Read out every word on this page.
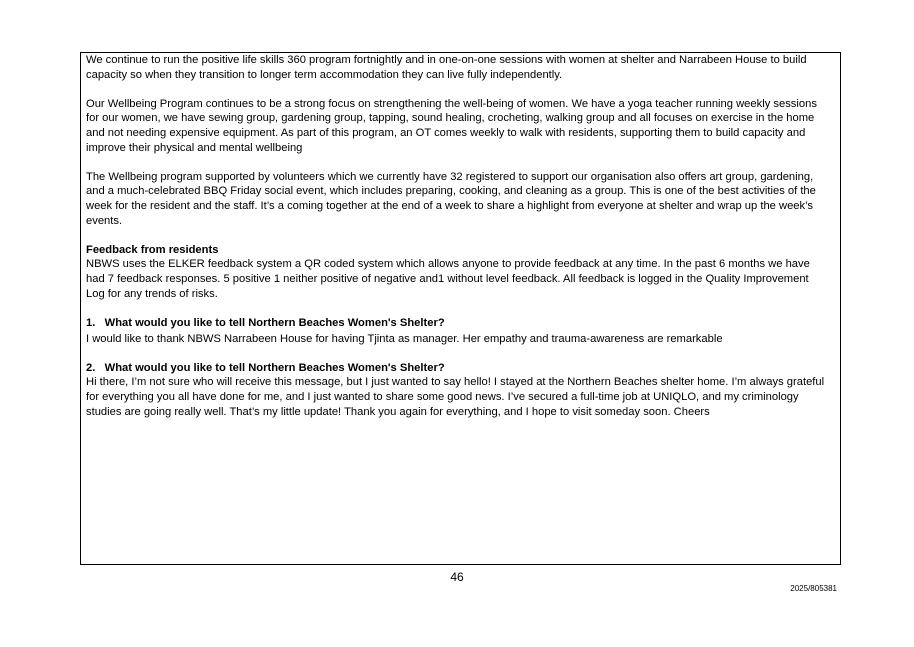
We continue to run the positive life skills 360 program fortnightly and in one-on-one sessions with women at shelter and Narrabeen House to build capacity so when they transition to longer term accommodation they can live fully independently.

Our Wellbeing Program continues to be a strong focus on strengthening the well-being of women. We have a yoga teacher running weekly sessions for our women, we have sewing group, gardening group, tapping, sound healing, crocheting, walking group and all focuses on exercise in the home and not needing expensive equipment. As part of this program, an OT comes weekly to walk with residents, supporting them to build capacity and improve their physical and mental wellbeing

The Wellbeing program supported by volunteers which we currently have 32 registered to support our organisation also offers art group, gardening, and a much-celebrated BBQ Friday social event, which includes preparing, cooking, and cleaning as a group. This is one of the best activities of the week for the resident and the staff. It’s a coming together at the end of a week to share a highlight from everyone at shelter and wrap up the week’s events.

Feedback from residents

NBWS uses the ELKER feedback system a QR coded system which allows anyone to provide feedback at any time. In the past 6 months we have had 7 feedback responses. 5 positive 1 neither positive of negative and1 without level feedback. All feedback is logged in the Quality Improvement Log for any trends of risks.

1.   What would you like to tell Northern Beaches Women's Shelter?

I would like to thank NBWS Narrabeen House for having Tjinta as manager. Her empathy and trauma-awareness are remarkable

2.   What would you like to tell Northern Beaches Women's Shelter?

Hi there, I’m not sure who will receive this message, but I just wanted to say hello! I stayed at the Northern Beaches shelter home. I’m always grateful for everything you all have done for me, and I just wanted to share some good news. I’ve secured a full-time job at UNIQLO, and my criminology studies are going really well. That’s my little update! Thank you again for everything, and I hope to visit someday soon. Cheers

46
2025/805381
